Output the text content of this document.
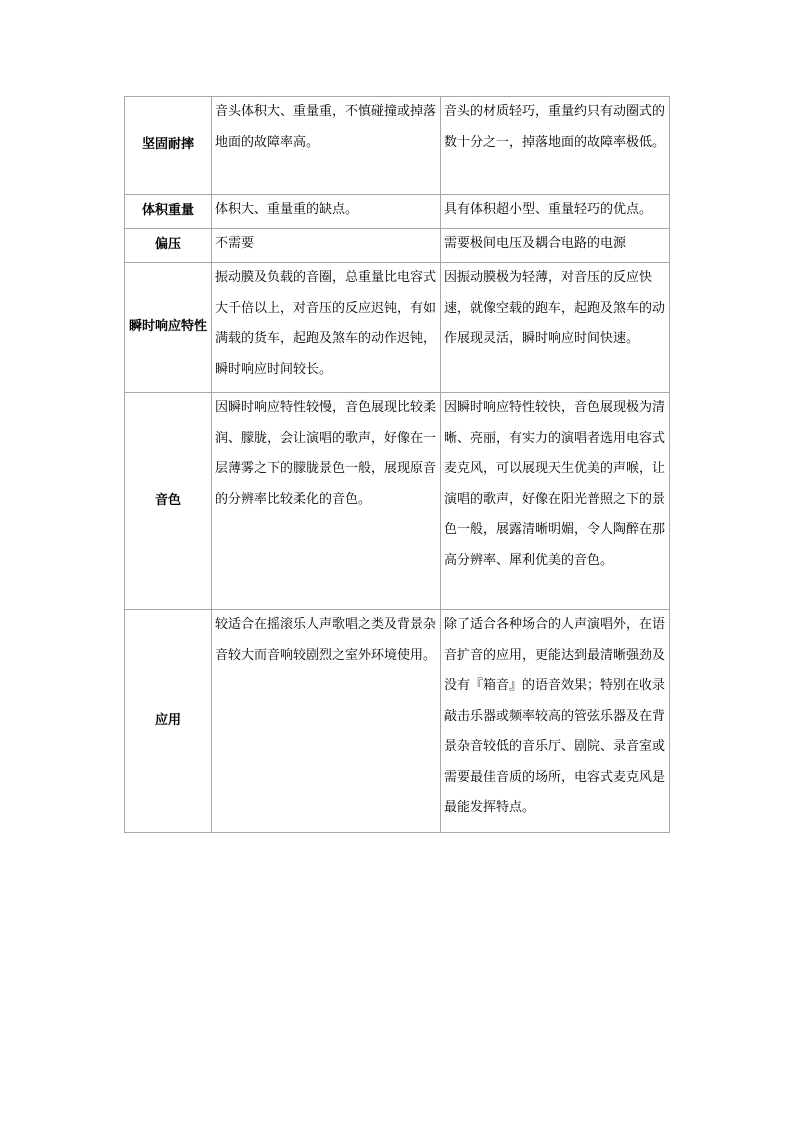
坚固耐摔	音头体积大、重量重，不慎碰撞或掉落地面的故障率高。	音头的材质轻巧，重量约只有动圈式的数十分之一，掉落地面的故障率极低。
体积重量	体积大、重量重的缺点。	具有体积超小型、重量轻巧的优点。
偏压	不需要	需要极间电压及耦合电路的电源
瞬时响应特性	振动膜及负载的音圈，总重量比电容式大千倍以上，对音压的反应迟钝，有如满载的货车，起跑及煞车的动作迟钝，瞬时响应时间较长。	因振动膜极为轻薄，对音压的反应快速，就像空载的跑车，起跑及煞车的动作展现灵活，瞬时响应时间快速。
音色	因瞬时响应特性较慢，音色展现比较柔润、朦胧，会让演唱的歌声，好像在一层薄雾之下的朦胧景色一般，展现原音的分辨率比较柔化的音色。	因瞬时响应特性较快，音色展现极为清晰、亮丽，有实力的演唱者选用电容式麦克风，可以展现天生优美的声喉，让演唱的歌声，好像在阳光普照之下的景色一般，展露清晰明媚，令人陶醉在那高分辨率、犀利优美的音色。
应用	较适合在摇滚乐人声歌唱之类及背景杂音较大而音响较剧烈之室外环境使用。	除了适合各种场合的人声演唱外，在语音扩音的应用，更能达到最清晰强劲及没有『箱音』的语音效果；特别在收录敲击乐器或频率较高的管弦乐器及在背景杂音较低的音乐厅、剧院、录音室或需要最佳音质的场所，电容式麦克风是最能发挥特点。
